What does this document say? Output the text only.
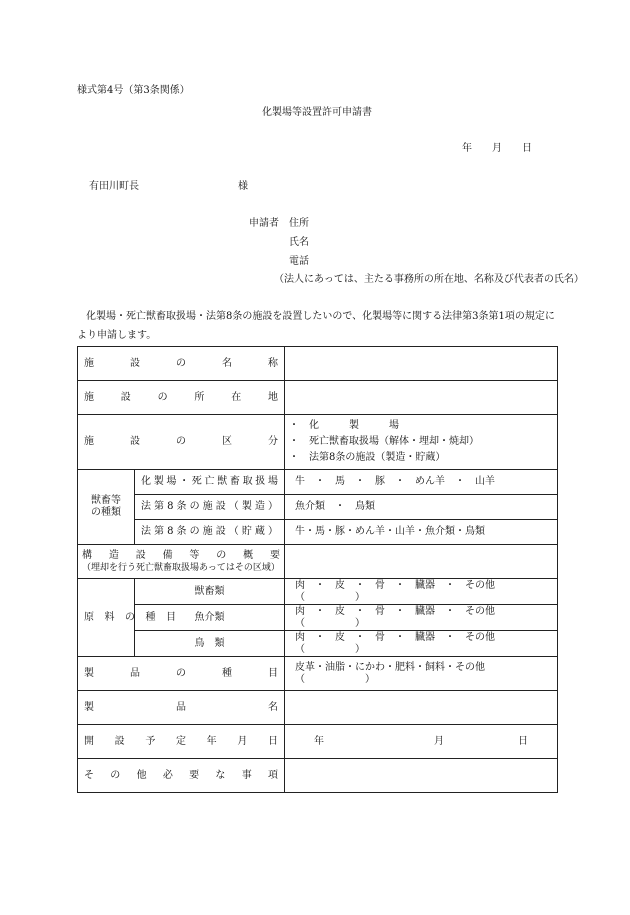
様式第4号（第3条関係）
化製場等設置許可申請書
年　　月　　日
有田川町長	様
申請者 住所
氏名
電話
（法人にあっては、主たる事務所の所在地、名称及び代表者の氏名）
化製場・死亡獣畜取扱場・法第8条の施設を設置したいので、化製場等に関する法律第3条第1項の規定に
より申請します。
施設の名称		
施設の所在地		
施設の区分		・　化　　　製　　　場
・　死亡獣畜取扱場（解体・埋却・焼却）
・　法第8条の施設（製造・貯蔵）

獣畜等
の種類	化製場・死亡獣畜取扱場	牛　・　馬　・　豚　・　めん羊　・　山羊
	法第8条の施設（製造）	魚介類　・　鳥類
	法第8条の施設（貯蔵）	牛・馬・豚・めん羊・山羊・魚介類・鳥類

構造設備等の概要
（埋却を行う死亡獣畜取扱場あってはその区域）		

原料の種目	獣畜類	肉　・　皮　・　骨　・　臓器　・　その他（　　　　　）
	魚介類	肉　・　皮　・　骨　・　臓器　・　その他（　　　　　）
	鳥　類	肉　・　皮　・　骨　・　臓器　・　その他（　　　　　）
製品の種目		皮革・油脂・にかわ・肥料・飼料・その他（　　　　　　）
製品名		
開設予定年月日		年 月 日
その他必要な事項		
